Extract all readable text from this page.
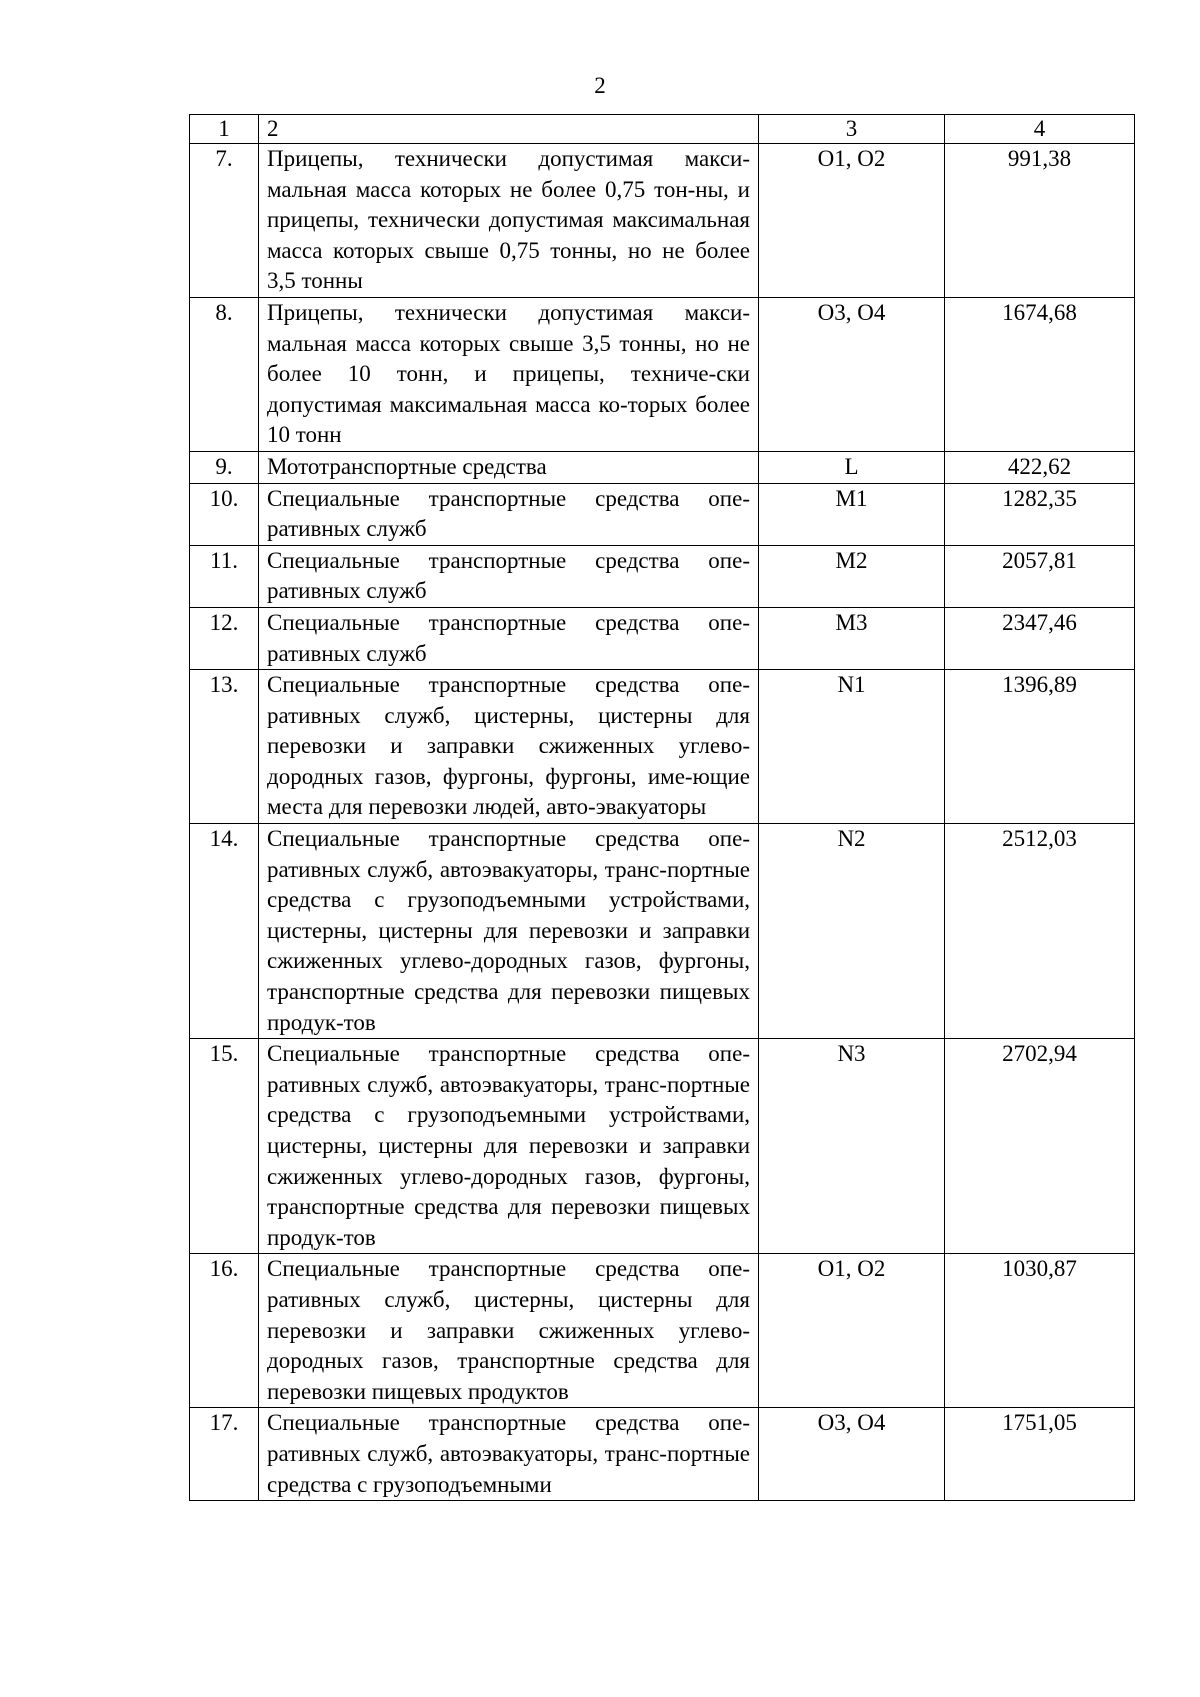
2
1	2	3	4
7.	Прицепы, технически допустимая макси-мальная масса которых не более 0,75 тон-ны, и прицепы, технически допустимая максимальная масса которых свыше 0,75 тонны, но не более 3,5 тонны	O1, O2	991,38
8.	Прицепы, технически допустимая макси-мальная масса которых свыше 3,5 тонны, но не более 10 тонн, и прицепы, техниче-ски допустимая максимальная масса ко-торых более 10 тонн	O3, O4	1674,68
9.	Мототранспортные средства	L	422,62
10.	Специальные транспортные средства опе-ративных служб	M1	1282,35
11.	Специальные транспортные средства опе-ративных служб	M2	2057,81
12.	Специальные транспортные средства опе-ративных служб	M3	2347,46
13.	Специальные транспортные средства опе-ративных служб, цистерны, цистерны для перевозки и заправки сжиженных углево-дородных газов, фургоны, фургоны, име-ющие места для перевозки людей, авто-эвакуаторы	N1	1396,89
14.	Специальные транспортные средства опе-ративных служб, автоэвакуаторы, транс-портные средства с грузоподъемными устройствами, цистерны, цистерны для перевозки и заправки сжиженных углево-дородных газов, фургоны, транспортные средства для перевозки пищевых продук-тов	N2	2512,03
15.	Специальные транспортные средства опе-ративных служб, автоэвакуаторы, транс-портные средства с грузоподъемными устройствами, цистерны, цистерны для перевозки и заправки сжиженных углево-дородных газов, фургоны, транспортные средства для перевозки пищевых продук-тов	N3	2702,94
16.	Специальные транспортные средства опе-ративных служб, цистерны, цистерны для перевозки и заправки сжиженных углево-дородных газов, транспортные средства для перевозки пищевых продуктов	O1, O2	1030,87
17.	Специальные транспортные средства опе-ративных служб, автоэвакуаторы, транс-портные средства с грузоподъемными	O3, O4	1751,05
